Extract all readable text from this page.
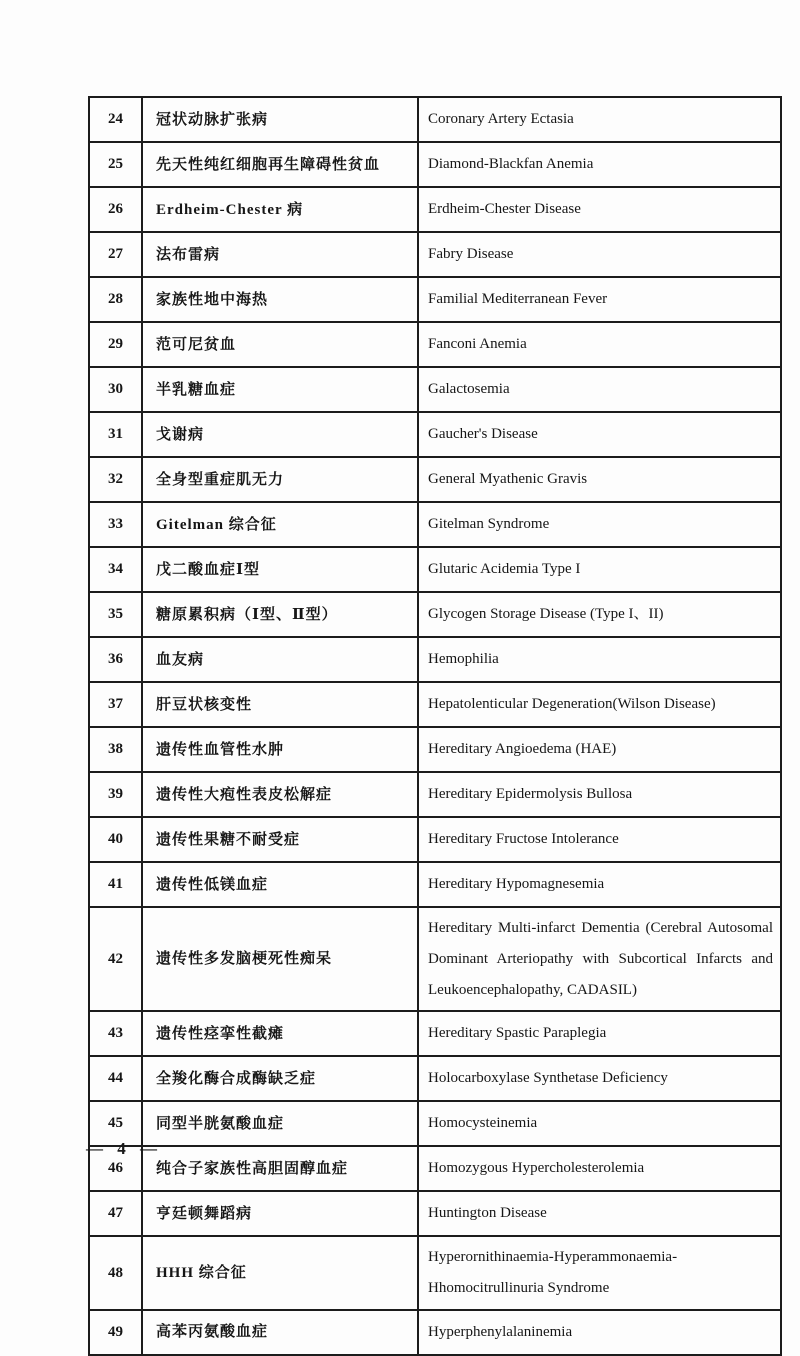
24	冠状动脉扩张病	Coronary Artery Ectasia
25	先天性纯红细胞再生障碍性贫血	Diamond-Blackfan Anemia
26	Erdheim-Chester 病	Erdheim-Chester Disease
27	法布雷病	Fabry Disease
28	家族性地中海热	Familial Mediterranean Fever
29	范可尼贫血	Fanconi Anemia
30	半乳糖血症	Galactosemia
31	戈谢病	Gaucher's Disease
32	全身型重症肌无力	General Myathenic Gravis
33	Gitelman 综合征	Gitelman Syndrome
34	戊二酸血症Ⅰ型	Glutaric Acidemia Type I
35	糖原累积病（Ⅰ型、Ⅱ型）	Glycogen Storage Disease (Type I、II)
36	血友病	Hemophilia
37	肝豆状核变性	Hepatolenticular Degeneration(Wilson Disease)
38	遗传性血管性水肿	Hereditary Angioedema (HAE)
39	遗传性大疱性表皮松解症	Hereditary Epidermolysis Bullosa
40	遗传性果糖不耐受症	Hereditary Fructose Intolerance
41	遗传性低镁血症	Hereditary Hypomagnesemia
42	遗传性多发脑梗死性痴呆	Hereditary Multi-infarct Dementia (Cerebral Autosomal Dominant Arteriopathy with Subcortical Infarcts and Leukoencephalopathy, CADASIL)
43	遗传性痉挛性截瘫	Hereditary Spastic Paraplegia
44	全羧化酶合成酶缺乏症	Holocarboxylase Synthetase Deficiency
45	同型半胱氨酸血症	Homocysteinemia
46	纯合子家族性高胆固醇血症	Homozygous Hypercholesterolemia
47	亨廷顿舞蹈病	Huntington Disease
48	HHH 综合征	Hyperornithinaemia-Hyperammonaemia-Hhomocitrullinuria Syndrome
49	高苯丙氨酸血症	Hyperphenylalaninemia
— 4 —
